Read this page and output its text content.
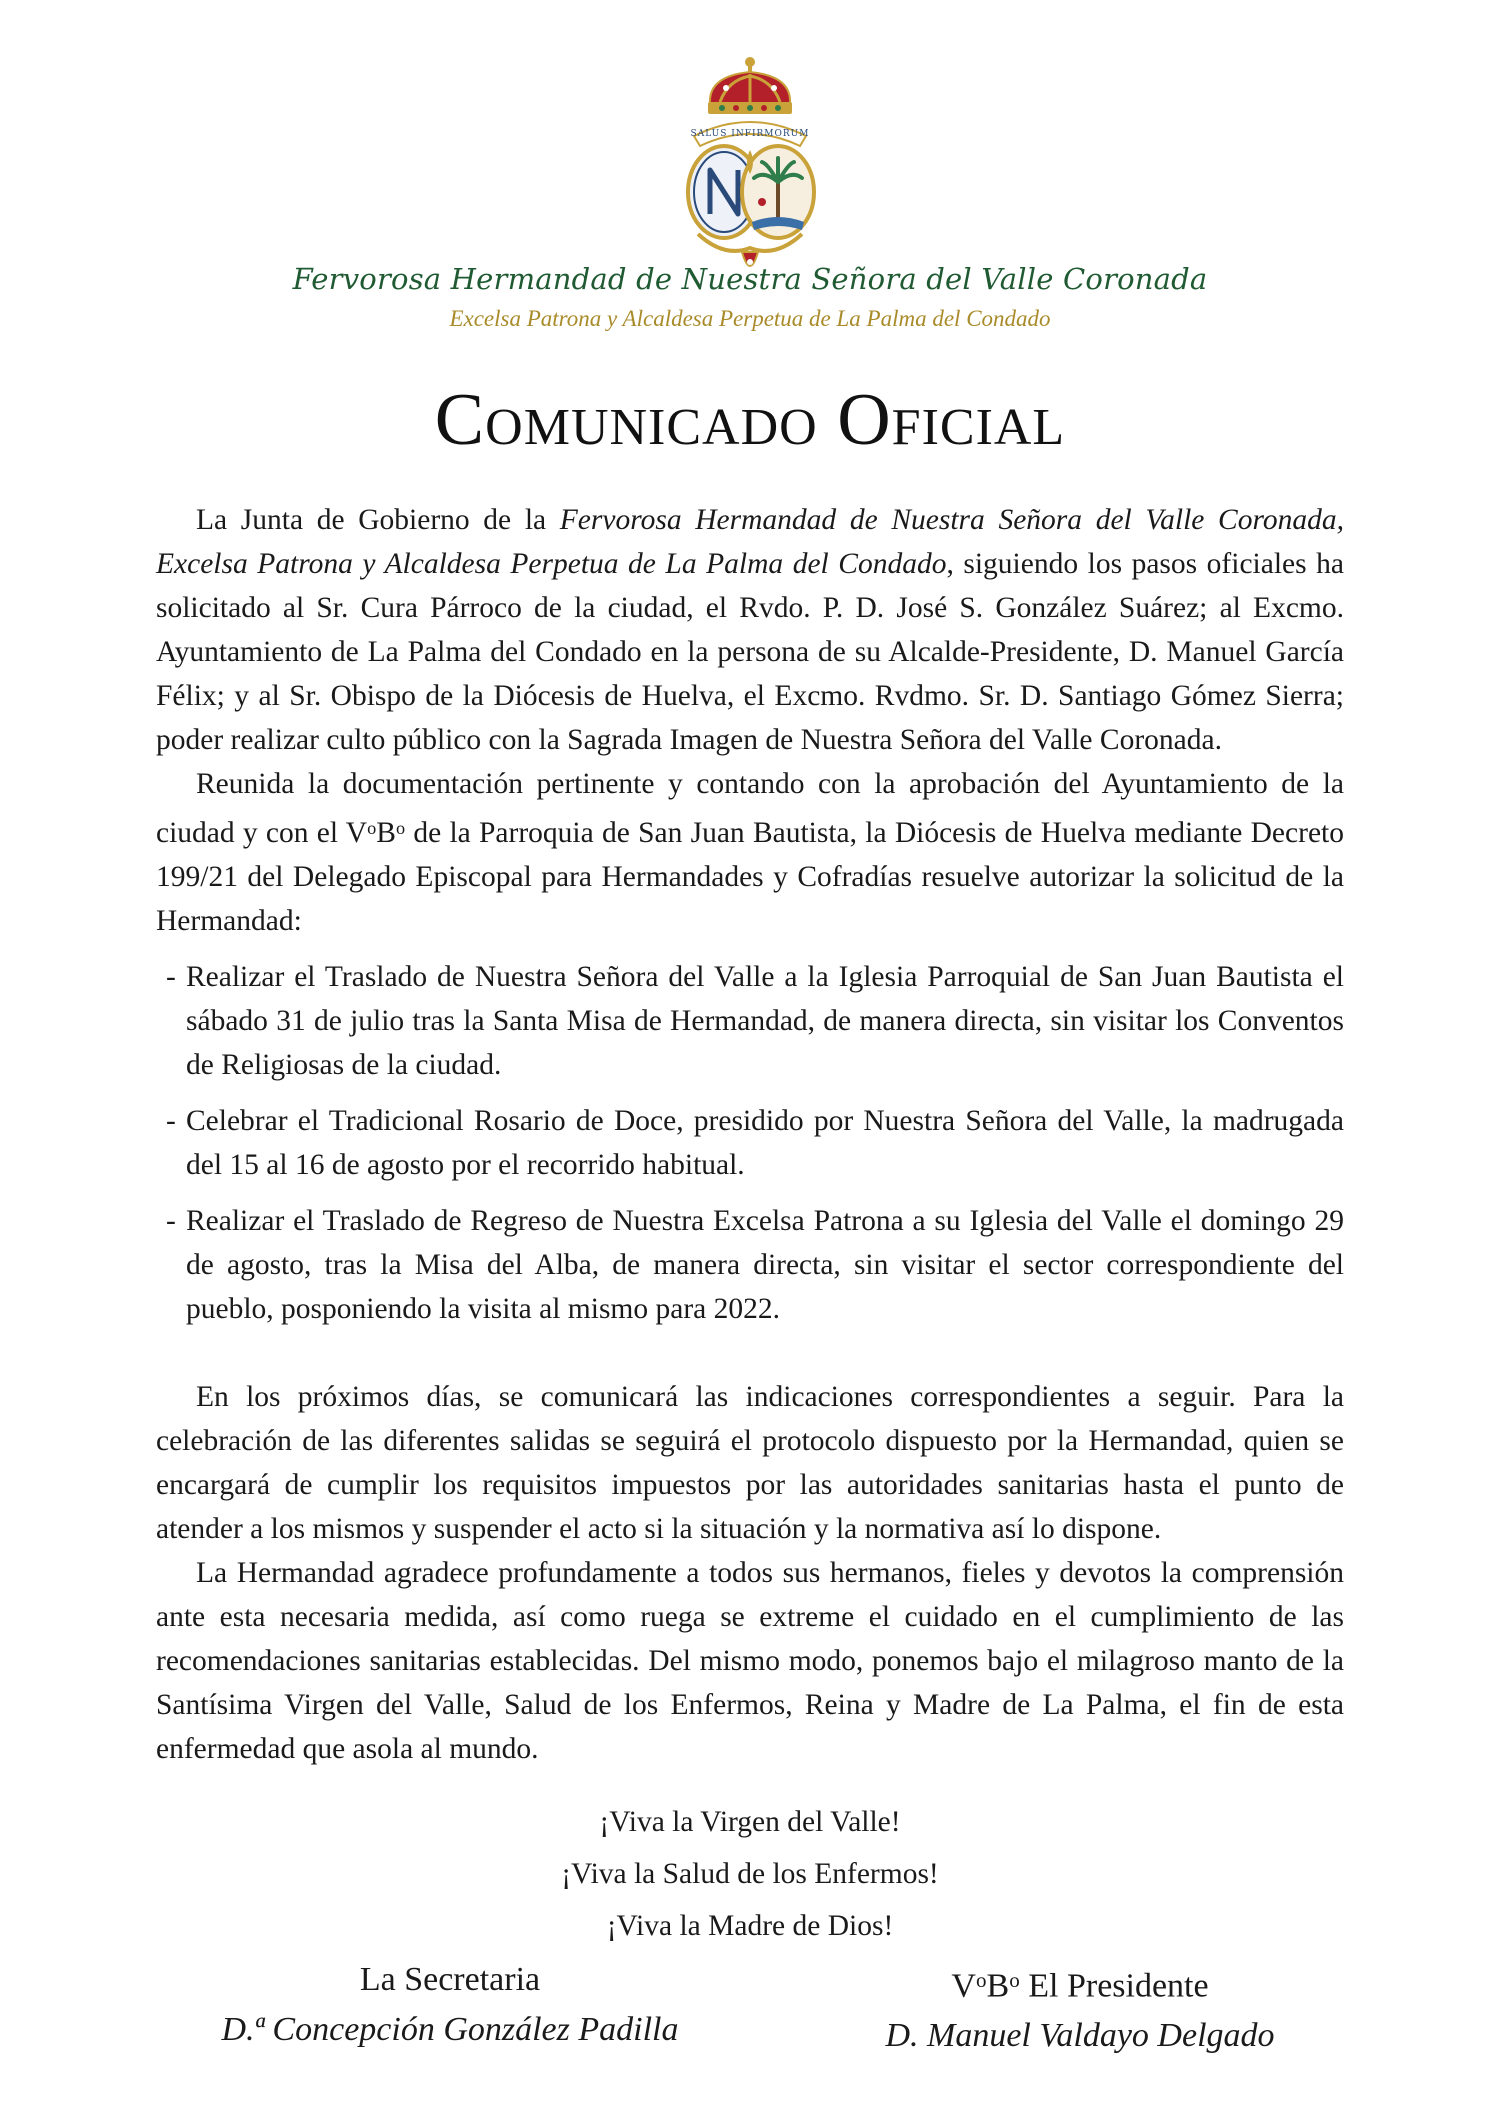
SALUS INFIRMORUM

Fervorosa Hermandad de Nuestra Señora del Valle Coronada

Excelsa Patrona y Alcaldesa Perpetua de La Palma del Condado

Comunicado Oficial

La Junta de Gobierno de la Fervorosa Hermandad de Nuestra Señora del Valle Coronada, Excelsa Patrona y Alcaldesa Perpetua de La Palma del Condado, siguiendo los pasos oficiales ha solicitado al Sr. Cura Párroco de la ciudad, el Rvdo. P. D. José S. González Suárez; al Excmo. Ayuntamiento de La Palma del Condado en la persona de su Alcalde-Presidente, D. Manuel García Félix; y al Sr. Obispo de la Diócesis de Huelva, el Excmo. Rvdmo. Sr. D. Santiago Gómez Sierra; poder realizar culto público con la Sagrada Imagen de Nuestra Señora del Valle Coronada.

Reunida la documentación pertinente y contando con la aprobación del Ayuntamiento de la ciudad y con el $V^oB^o$ de la Parroquia de San Juan Bautista, la Diócesis de Huelva mediante Decreto 199/21 del Delegado Episcopal para Hermandades y Cofradías resuelve autorizar la solicitud de la Hermandad:

- Realizar el Traslado de Nuestra Señora del Valle a la Iglesia Parroquial de San Juan Bautista el sábado 31 de julio tras la Santa Misa de Hermandad, de manera directa, sin visitar los Conventos de Religiosas de la ciudad.
- Celebrar el Tradicional Rosario de Doce, presidido por Nuestra Señora del Valle, la madrugada del 15 al 16 de agosto por el recorrido habitual.
- Realizar el Traslado de Regreso de Nuestra Excelsa Patrona a su Iglesia del Valle el domingo 29 de agosto, tras la Misa del Alba, de manera directa, sin visitar el sector correspondiente del pueblo, posponiendo la visita al mismo para 2022.

En los próximos días, se comunicará las indicaciones correspondientes a seguir. Para la celebración de las diferentes salidas se seguirá el protocolo dispuesto por la Hermandad, quien se encargará de cumplir los requisitos impuestos por las autoridades sanitarias hasta el punto de atender a los mismos y suspender el acto si la situación y la normativa así lo dispone.

La Hermandad agradece profundamente a todos sus hermanos, fieles y devotos la comprensión ante esta necesaria medida, así como ruega se extreme el cuidado en el cumplimiento de las recomendaciones sanitarias establecidas. Del mismo modo, ponemos bajo el milagroso manto de la Santísima Virgen del Valle, Salud de los Enfermos, Reina y Madre de La Palma, el fin de esta enfermedad que asola al mundo.

¡Viva la Virgen del Valle!
¡Viva la Salud de los Enfermos!
¡Viva la Madre de Dios!
La Secretaria
D.ª Concepción González Padilla
$V^oB^o$ El Presidente
D. Manuel Valdayo Delgado
